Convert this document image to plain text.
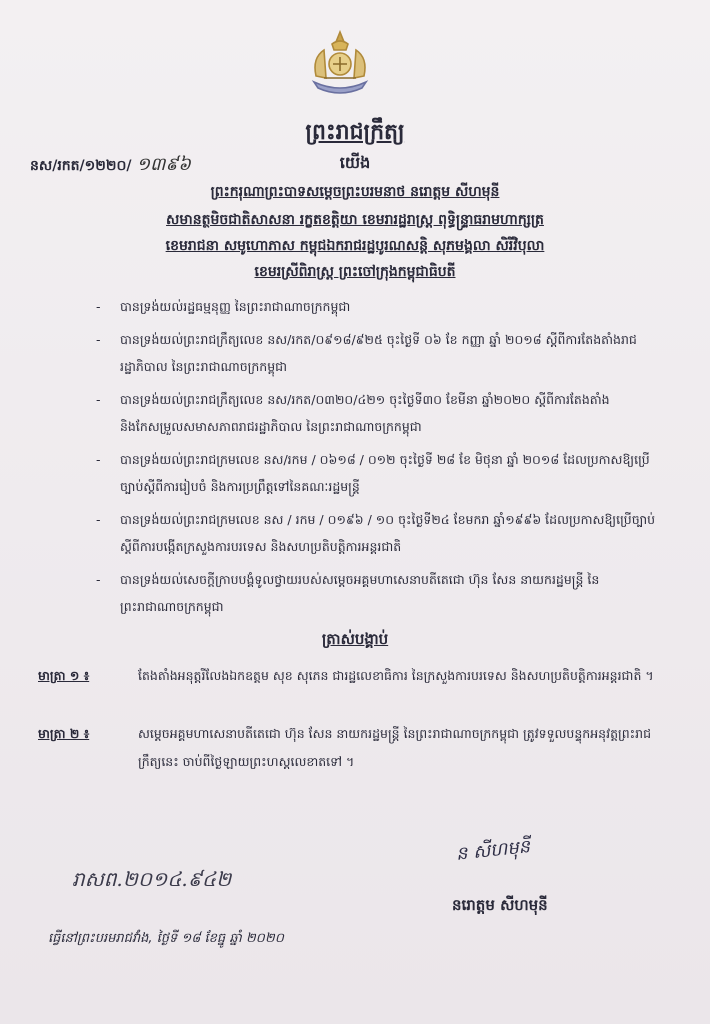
ព្រះរាជក្រឹត្យ
នស/រកត/១២២០/ ១៣៩៦	យើង
ព្រះករុណាព្រះបាទសម្តេចព្រះបរមនាថ នរោត្តម សីហមុនី
សមានត្ថមិចជាតិសាសនា រក្ខតខត្តិយា ខេមរារដ្ឋរាស្ត្រ ពុទ្ធិន្ទ្រាធរាមហាក្សត្រ
ខេមរាជនា សមូហោភាស កម្ពុជឯករាជរដ្ឋបូរណសន្តិ សុភមង្គលា សិរីវិបុលា
ខេមរស្រីពិរាស្ត្រ ព្រះចៅក្រុងកម្ពុជាធិបតី
- បានទ្រង់យល់រដ្ឋធម្មនុញ្ញ នៃព្រះរាជាណាចក្រកម្ពុជា
- បានទ្រង់យល់ព្រះរាជក្រឹត្យលេខ នស/រកត/០៩១៨/៩២៥ ចុះថ្ងៃទី ០៦ ខែ កញ្ញា ឆ្នាំ ២០១៨ ស្តីពីការតែងតាំងរាជរដ្ឋាភិបាល នៃព្រះរាជាណាចក្រកម្ពុជា
- បានទ្រង់យល់ព្រះរាជក្រឹត្យលេខ នស/រកត/០៣២០/៤២១ ចុះថ្ងៃទី៣០ ខែមីនា ឆ្នាំ២០២០ ស្តីពីការតែងតាំង និងកែសម្រួលសមាសភាពរាជរដ្ឋាភិបាល នៃព្រះរាជាណាចក្រកម្ពុជា
- បានទ្រង់យល់ព្រះរាជក្រមលេខ នស/រកម / ០៦១៨ / ០១២ ចុះថ្ងៃទី ២៨ ខែ មិថុនា ឆ្នាំ ២០១៨ ដែលប្រកាសឱ្យប្រើច្បាប់ស្តីពីការរៀបចំ និងការប្រព្រឹត្តទៅនៃគណៈរដ្ឋមន្ត្រី
- បានទ្រង់យល់ព្រះរាជក្រមលេខ នស / រកម / ០១៩៦ / ១០ ចុះថ្ងៃទី២៤ ខែមករា ឆ្នាំ១៩៩៦ ដែលប្រកាសឱ្យប្រើច្បាប់ស្តីពីការបង្កើតក្រសួងការបរទេស និងសហប្រតិបត្តិការអន្តរជាតិ
- បានទ្រង់យល់សេចក្តីក្រាបបង្គំទូលថ្វាយរបស់សម្តេចអគ្គមហាសេនាបតីតេជោ ហ៊ុន សែន នាយករដ្ឋមន្ត្រី នៃព្រះរាជាណាចក្រកម្ពុជា
ត្រាស់បង្គាប់
មាត្រា ១ ៖	តែងតាំងអនុត្តរីលែងឯកឧត្តម សុខ សុភេន ជារដ្ឋលេខាធិការ នៃក្រសួងការបរទេស និងសហប្រតិបត្តិការអន្តរជាតិ ។
មាត្រា ២ ៖	សម្តេចអគ្គមហាសេនាបតីតេជោ ហ៊ុន សែន នាយករដ្ឋមន្ត្រី នៃព្រះរាជាណាចក្រកម្ពុជា ត្រូវទទួលបន្ទុកអនុវត្តព្រះរាជក្រឹត្យនេះ ចាប់ពីថ្ងៃឡាយព្រះហស្តលេខាតទៅ ។
រាសព.២០១៤.៩៤២
ន សីហមុនី
នរោត្តម សីហមុនី
ធ្វើនៅព្រះបរមរាជវាំង, ថ្ងៃទី ១៨ ខែធ្នូ ឆ្នាំ ២០២០
